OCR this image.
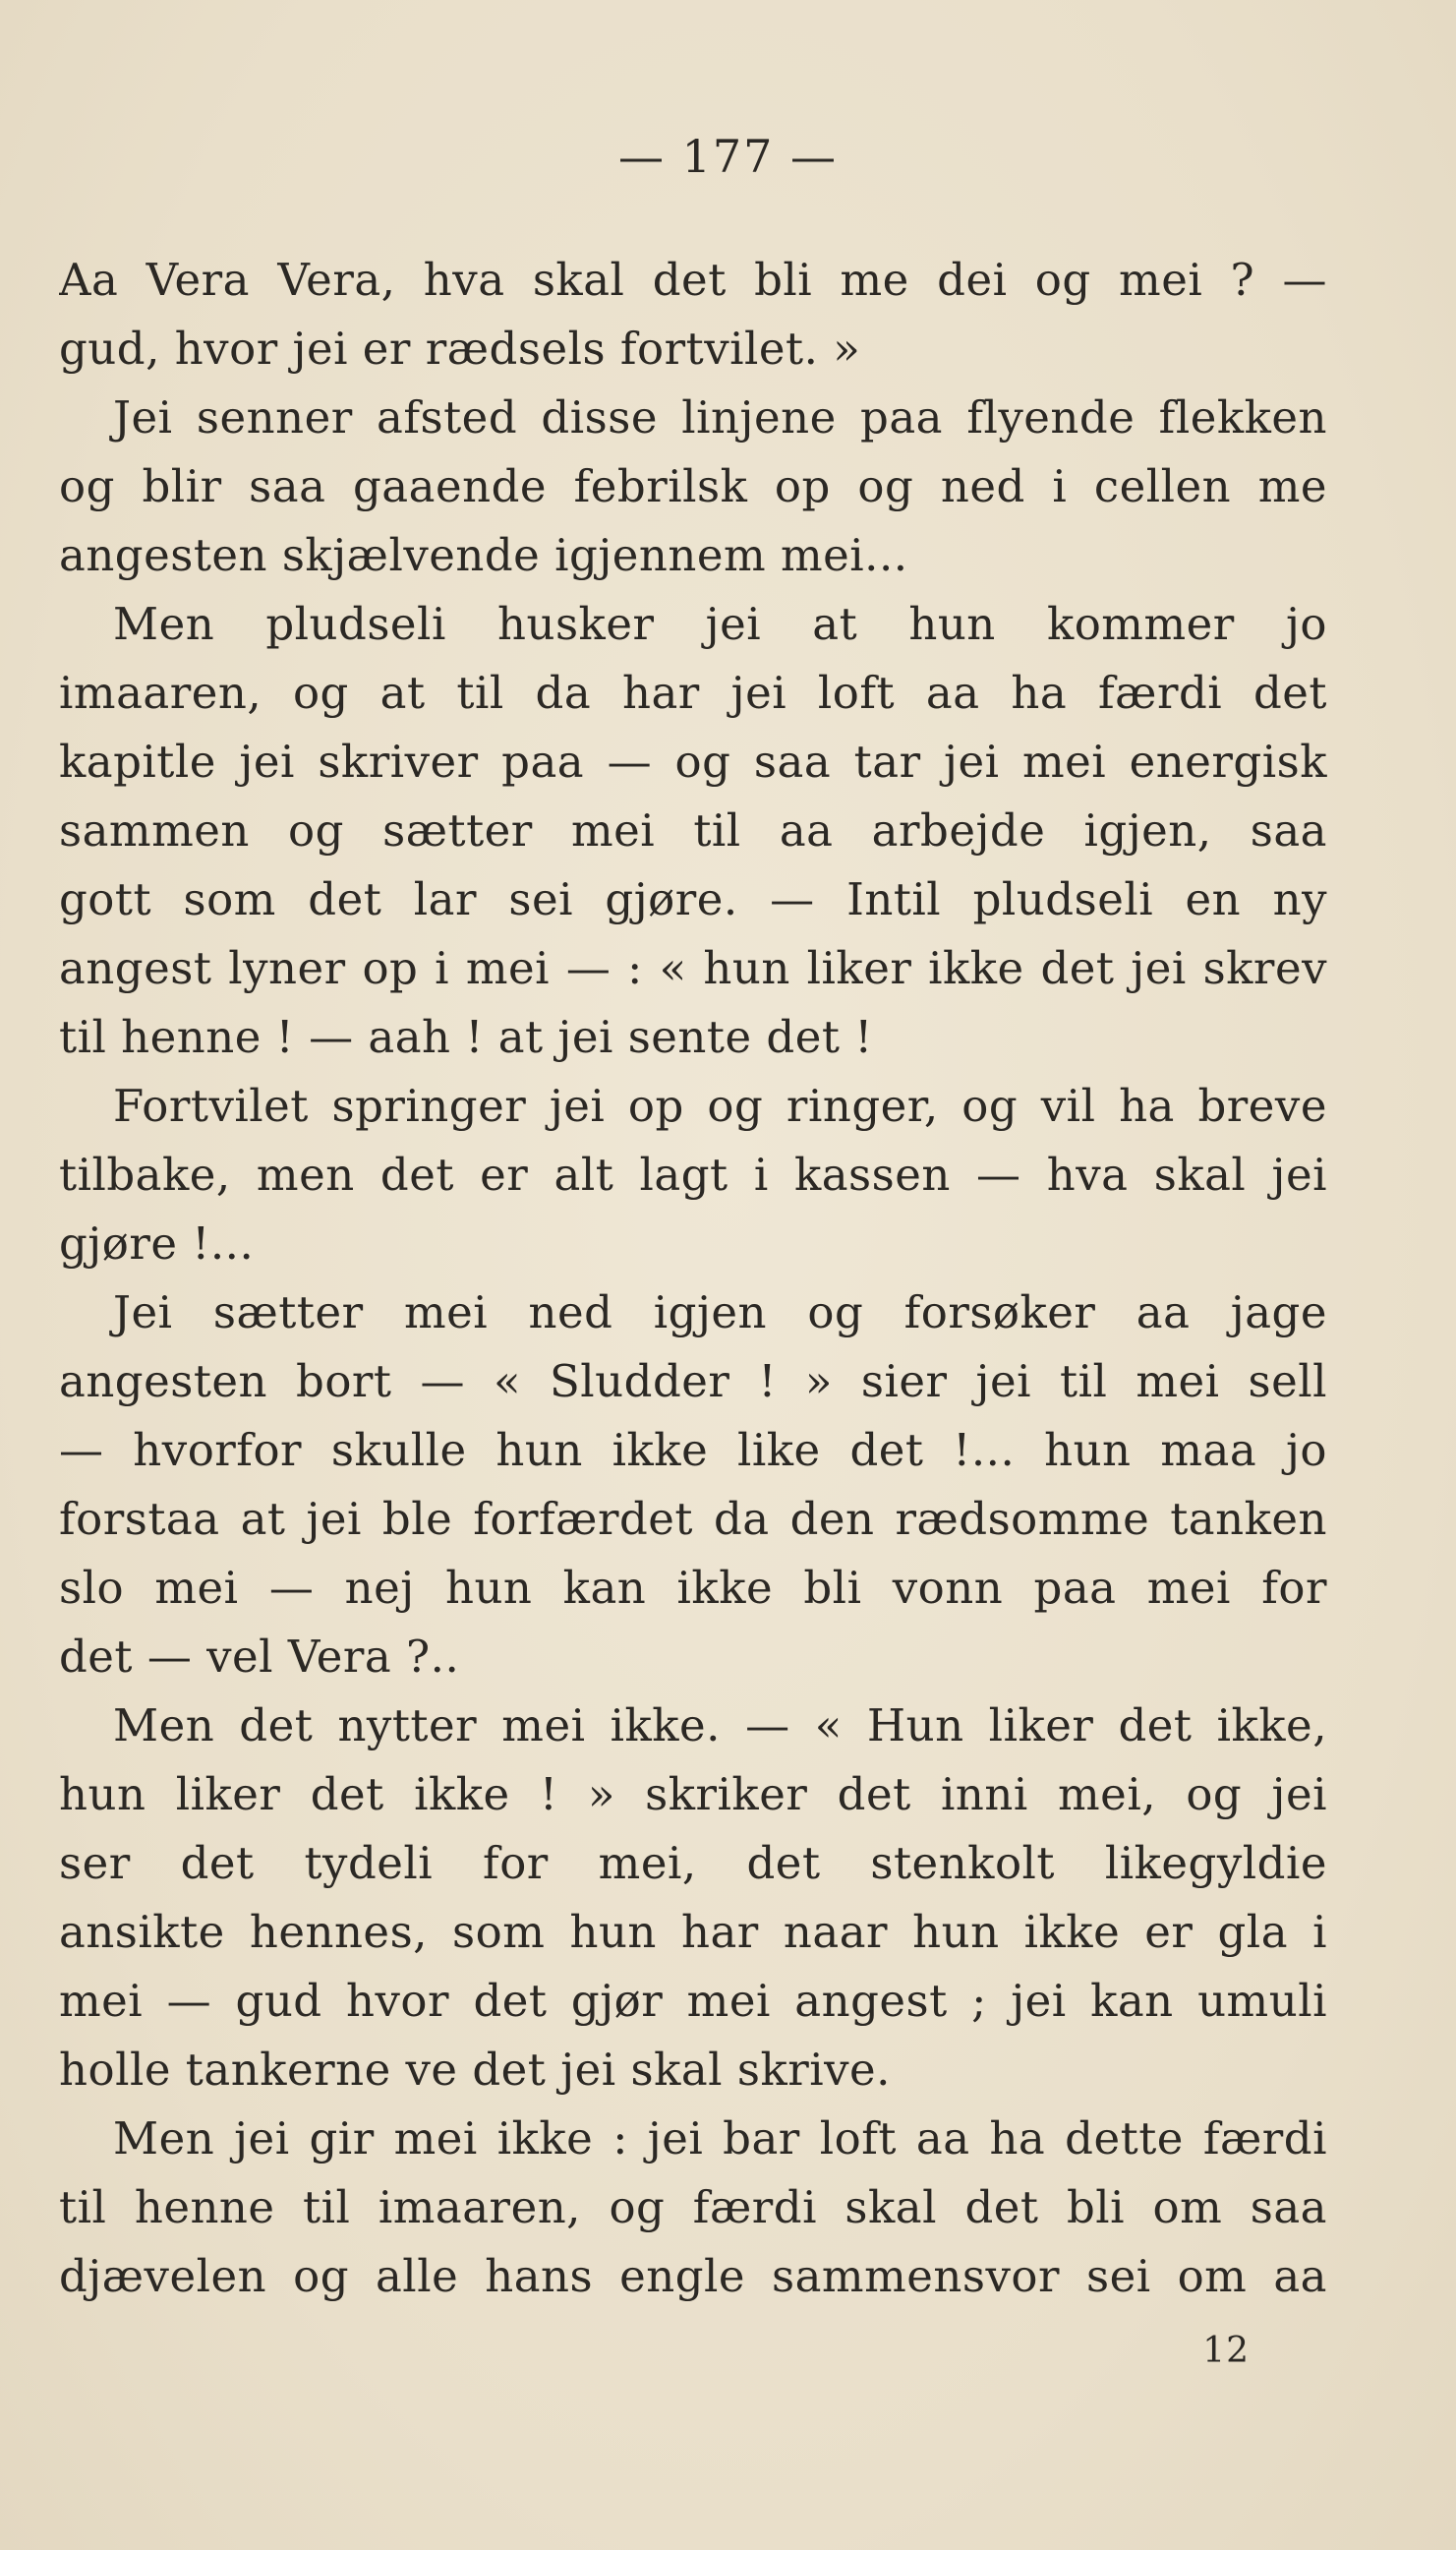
— 177 —
Aa Vera Vera, hva skal det bli me dei og mei ? —
gud, hvor jei er rædsels fortvilet. »
Jei senner afsted disse linjene paa flyende flekken
og blir saa gaaende febrilsk op og ned i cellen me
angesten skjælvende igjennem mei...
Men pludseli husker jei at hun kommer jo
imaaren, og at til da har jei loft aa ha færdi det
kapitle jei skriver paa — og saa tar jei mei energisk
sammen og sætter mei til aa arbejde igjen, saa
gott som det lar sei gjøre. — Intil pludseli en ny
angest lyner op i mei — : « hun liker ikke det jei skrev
til henne ! — aah ! at jei sente det !
Fortvilet springer jei op og ringer, og vil ha breve
tilbake, men det er alt lagt i kassen — hva skal jei
gjøre !...
Jei sætter mei ned igjen og forsøker aa jage
angesten bort — « Sludder ! » sier jei til mei sell
— hvorfor skulle hun ikke like det !... hun maa jo
forstaa at jei ble forfærdet da den rædsomme tanken
slo mei — nej hun kan ikke bli vonn paa mei for
det — vel Vera ?..
Men det nytter mei ikke. — « Hun liker det ikke,
hun liker det ikke ! » skriker det inni mei, og jei
ser det tydeli for mei, det stenkolt likegyldie
ansikte hennes, som hun har naar hun ikke er gla i
mei — gud hvor det gjør mei angest ; jei kan umuli
holle tankerne ve det jei skal skrive.
Men jei gir mei ikke : jei bar loft aa ha dette færdi
til henne til imaaren, og færdi skal det bli om saa
djævelen og alle hans engle sammensvor sei om aa
12
